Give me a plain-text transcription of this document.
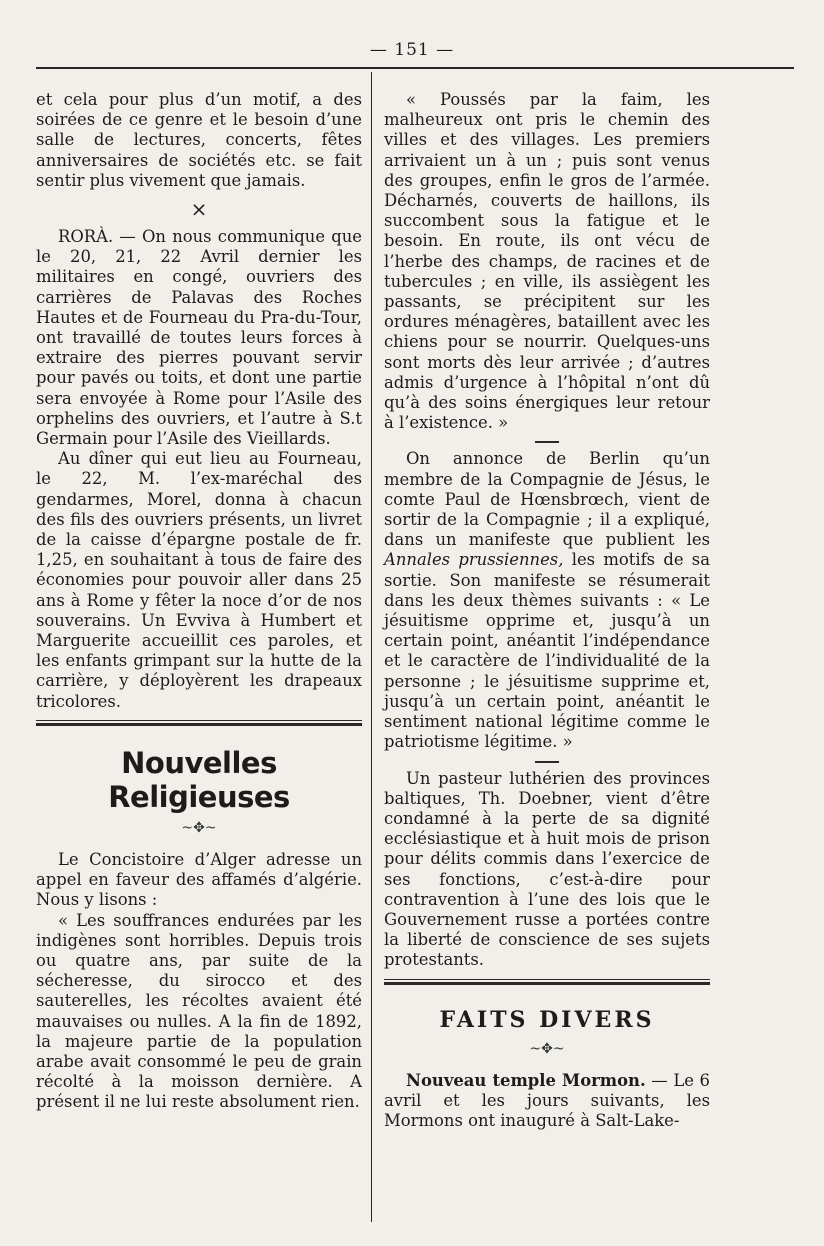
— 151 —

et cela pour plus d’un motif, a des soirées de ce genre et le besoin d’une salle de lectures, concerts, fêtes anniversaires de sociétés etc. se fait sentir plus vivement que jamais.

×

RORÀ. — On nous communique que le 20, 21, 22 Avril dernier les militaires en congé, ouvriers des carrières de Palavas des Roches Hautes et de Fourneau du Pra-du-Tour, ont travaillé de toutes leurs forces à extraire des pierres pouvant servir pour pavés ou toits, et dont une partie sera envoyée à Rome pour l’Asile des orphelins des ouvriers, et l’autre à S.t Germain pour l’Asile des Vieillards.

Au dîner qui eut lieu au Fourneau, le 22, M. l’ex-maréchal des gendarmes, Morel, donna à chacun des fils des ouvriers présents, un livret de la caisse d’épargne postale de fr. 1,25, en souhaitant à tous de faire des économies pour pouvoir aller dans 25 ans à Rome y fêter la noce d’or de nos souverains. Un Evviva à Humbert et Marguerite accueillit ces paroles, et les enfants grimpant sur la hutte de la carrière, y déployèrent les drapeaux tricolores.

Nouvelles Religieuses
~✥~

Le Concistoire d’Alger adresse un appel en faveur des affamés d’algérie. Nous y lisons :

« Les souffrances endurées par les indigènes sont horribles. Depuis trois ou quatre ans, par suite de la sécheresse, du sirocco et des sauterelles, les récoltes avaient été mauvaises ou nulles. A la fin de 1892, la majeure partie de la population arabe avait consommé le peu de grain récolté à la moisson dernière. A présent il ne lui reste absolument rien.

« Poussés par la faim, les malheureux ont pris le chemin des villes et des villages. Les premiers arrivaient un à un ; puis sont venus des groupes, enfin le gros de l’armée. Décharnés, couverts de haillons, ils succombent sous la fatigue et le besoin. En route, ils ont vécu de l’herbe des champs, de racines et de tubercules ; en ville, ils assiègent les passants, se précipitent sur les ordures ménagères, bataillent avec les chiens pour se nourrir. Quelques-uns sont morts dès leur arrivée ; d’autres admis d’urgence à l’hôpital n’ont dû qu’à des soins énergiques leur retour à l’existence. »

On annonce de Berlin qu’un membre de la Compagnie de Jésus, le comte Paul de Hœnsbrœch, vient de sortir de la Compagnie ; il a expliqué, dans un manifeste que publient les Annales prussiennes, les motifs de sa sortie. Son manifeste se résumerait dans les deux thèmes suivants : « Le jésuitisme opprime et, jusqu’à un certain point, anéantit l’indépendance et le caractère de l’individualité de la personne ; le jésuitisme supprime et, jusqu’à un certain point, anéantit le sentiment national légitime comme le patriotisme légitime. »

Un pasteur luthérien des provinces baltiques, Th. Doebner, vient d’être condamné à la perte de sa dignité ecclésiastique et à huit mois de prison pour délits commis dans l’exercice de ses fonctions, c’est-à-dire pour contravention à l’une des lois que le Gouvernement russe a portées contre la liberté de conscience de ses sujets protestants.

FAITS DIVERS
~✥~

Nouveau temple Mormon. — Le 6 avril et les jours suivants, les Mormons ont inauguré à Salt-Lake-
